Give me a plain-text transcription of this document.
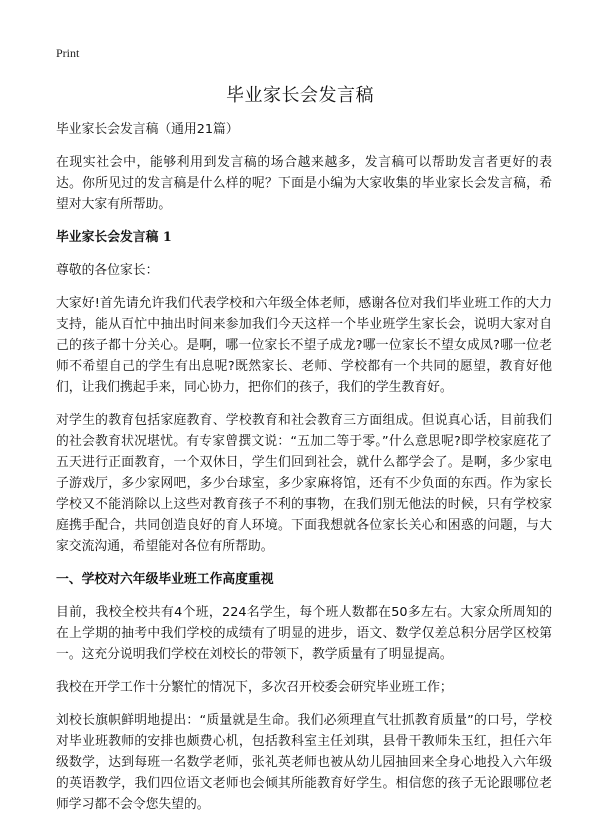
Print
毕业家长会发言稿

毕业家长会发言稿（通用21篇）

在现实社会中，能够利用到发言稿的场合越来越多，发言稿可以帮助发言者更好的表达。你所见过的发言稿是什么样的呢？下面是小编为大家收集的毕业家长会发言稿，希望对大家有所帮助。

毕业家长会发言稿 1

尊敬的各位家长：

大家好!首先请允许我们代表学校和六年级全体老师，感谢各位对我们毕业班工作的大力支持，能从百忙中抽出时间来参加我们今天这样一个毕业班学生家长会，说明大家对自己的孩子都十分关心。是啊，哪一位家长不望子成龙?哪一位家长不望女成凤?哪一位老师不希望自己的学生有出息呢?既然家长、老师、学校都有一个共同的愿望，教育好他们，让我们携起手来，同心协力，把你们的孩子，我们的学生教育好。

对学生的教育包括家庭教育、学校教育和社会教育三方面组成。但说真心话，目前我们的社会教育状况堪忧。有专家曾撰文说：“五加二等于零。”什么意思呢?即学校家庭花了五天进行正面教育，一个双休日，学生们回到社会，就什么都学会了。是啊，多少家电子游戏厅，多少家网吧，多少台球室，多少家麻将馆，还有不少负面的东西。作为家长学校又不能消除以上这些对教育孩子不利的事物，在我们别无他法的时候，只有学校家庭携手配合，共同创造良好的育人环境。下面我想就各位家长关心和困惑的问题，与大家交流沟通，希望能对各位有所帮助。

一、学校对六年级毕业班工作高度重视

目前，我校全校共有4个班，224名学生，每个班人数都在50多左右。大家众所周知的在上学期的抽考中我们学校的成绩有了明显的进步，语文、数学仅差总积分居学区校第一。这充分说明我们学校在刘校长的带领下，教学质量有了明显提高。

我校在开学工作十分繁忙的情况下，多次召开校委会研究毕业班工作；

刘校长旗帜鲜明地提出：“质量就是生命。我们必须理直气壮抓教育质量”的口号，学校对毕业班教师的安排也颇费心机，包括教科室主任刘琪，县骨干教师朱玉红，担任六年级数学，达到每班一名数学老师，张礼英老师也被从幼儿园抽回来全身心地投入六年级的英语教学，我们四位语文老师也会倾其所能教育好学生。相信您的孩子无论跟哪位老师学习都不会令您失望的。
